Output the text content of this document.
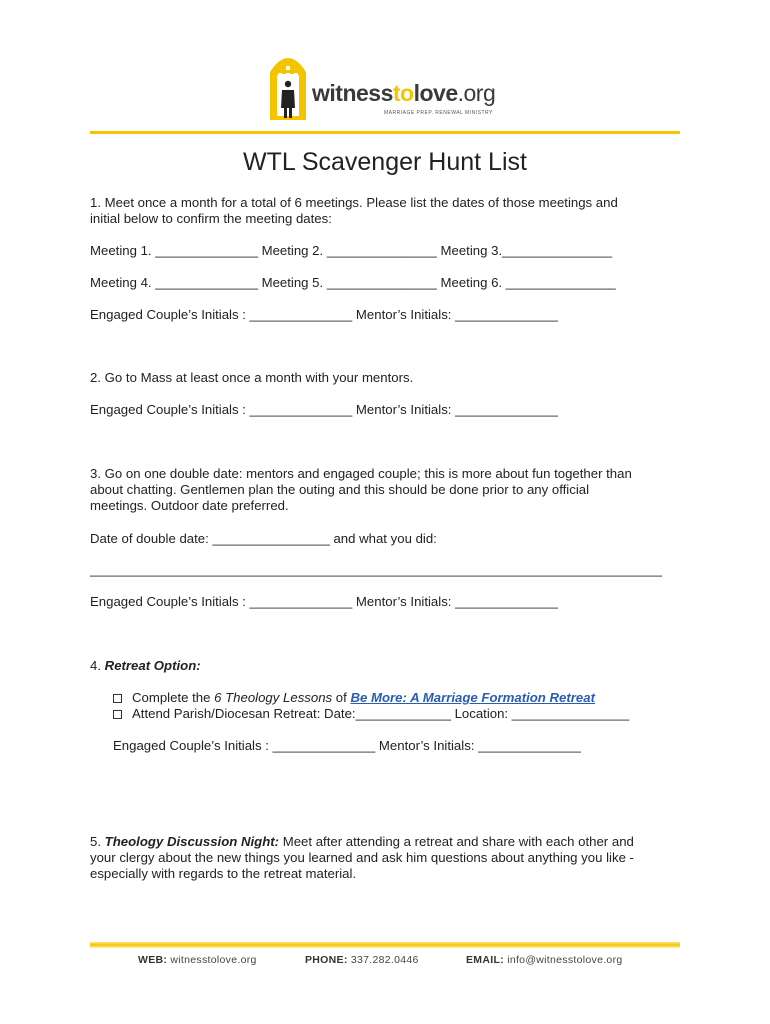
witnesstolove.org
MARRIAGE PREP. RENEWAL MINISTRY
WTL Scavenger Hunt List
1. Meet once a month for a total of 6 meetings. Please list the dates of those meetings and
initial below to confirm the meeting dates:
Meeting 1. ______________ Meeting 2. _______________ Meeting 3._______________
Meeting 4. ______________ Meeting 5. _______________ Meeting 6. _______________
Engaged Couple’s Initials : ______________ Mentor’s Initials: ______________
2. Go to Mass at least once a month with your mentors.
Engaged Couple’s Initials : ______________ Mentor’s Initials: ______________
3. Go on one double date: mentors and engaged couple; this is more about fun together than
about chatting. Gentlemen plan the outing and this should be done prior to any official
meetings. Outdoor date preferred.
Date of double date: ________________ and what you did:
______________________________________________________________________________
Engaged Couple’s Initials : ______________ Mentor’s Initials: ______________
4. Retreat Option:
Complete the 6 Theology Lessons of Be More: A Marriage Formation Retreat
Attend Parish/Diocesan Retreat: Date:_____________ Location: ________________
Engaged Couple’s Initials : ______________ Mentor’s Initials: ______________
5. Theology Discussion Night: Meet after attending a retreat and share with each other and
your clergy about the new things you learned and ask him questions about anything you like -
especially with regards to the retreat material.
WEB: witnesstolove.org	PHONE: 337.282.0446	EMAIL: info@witnesstolove.org
